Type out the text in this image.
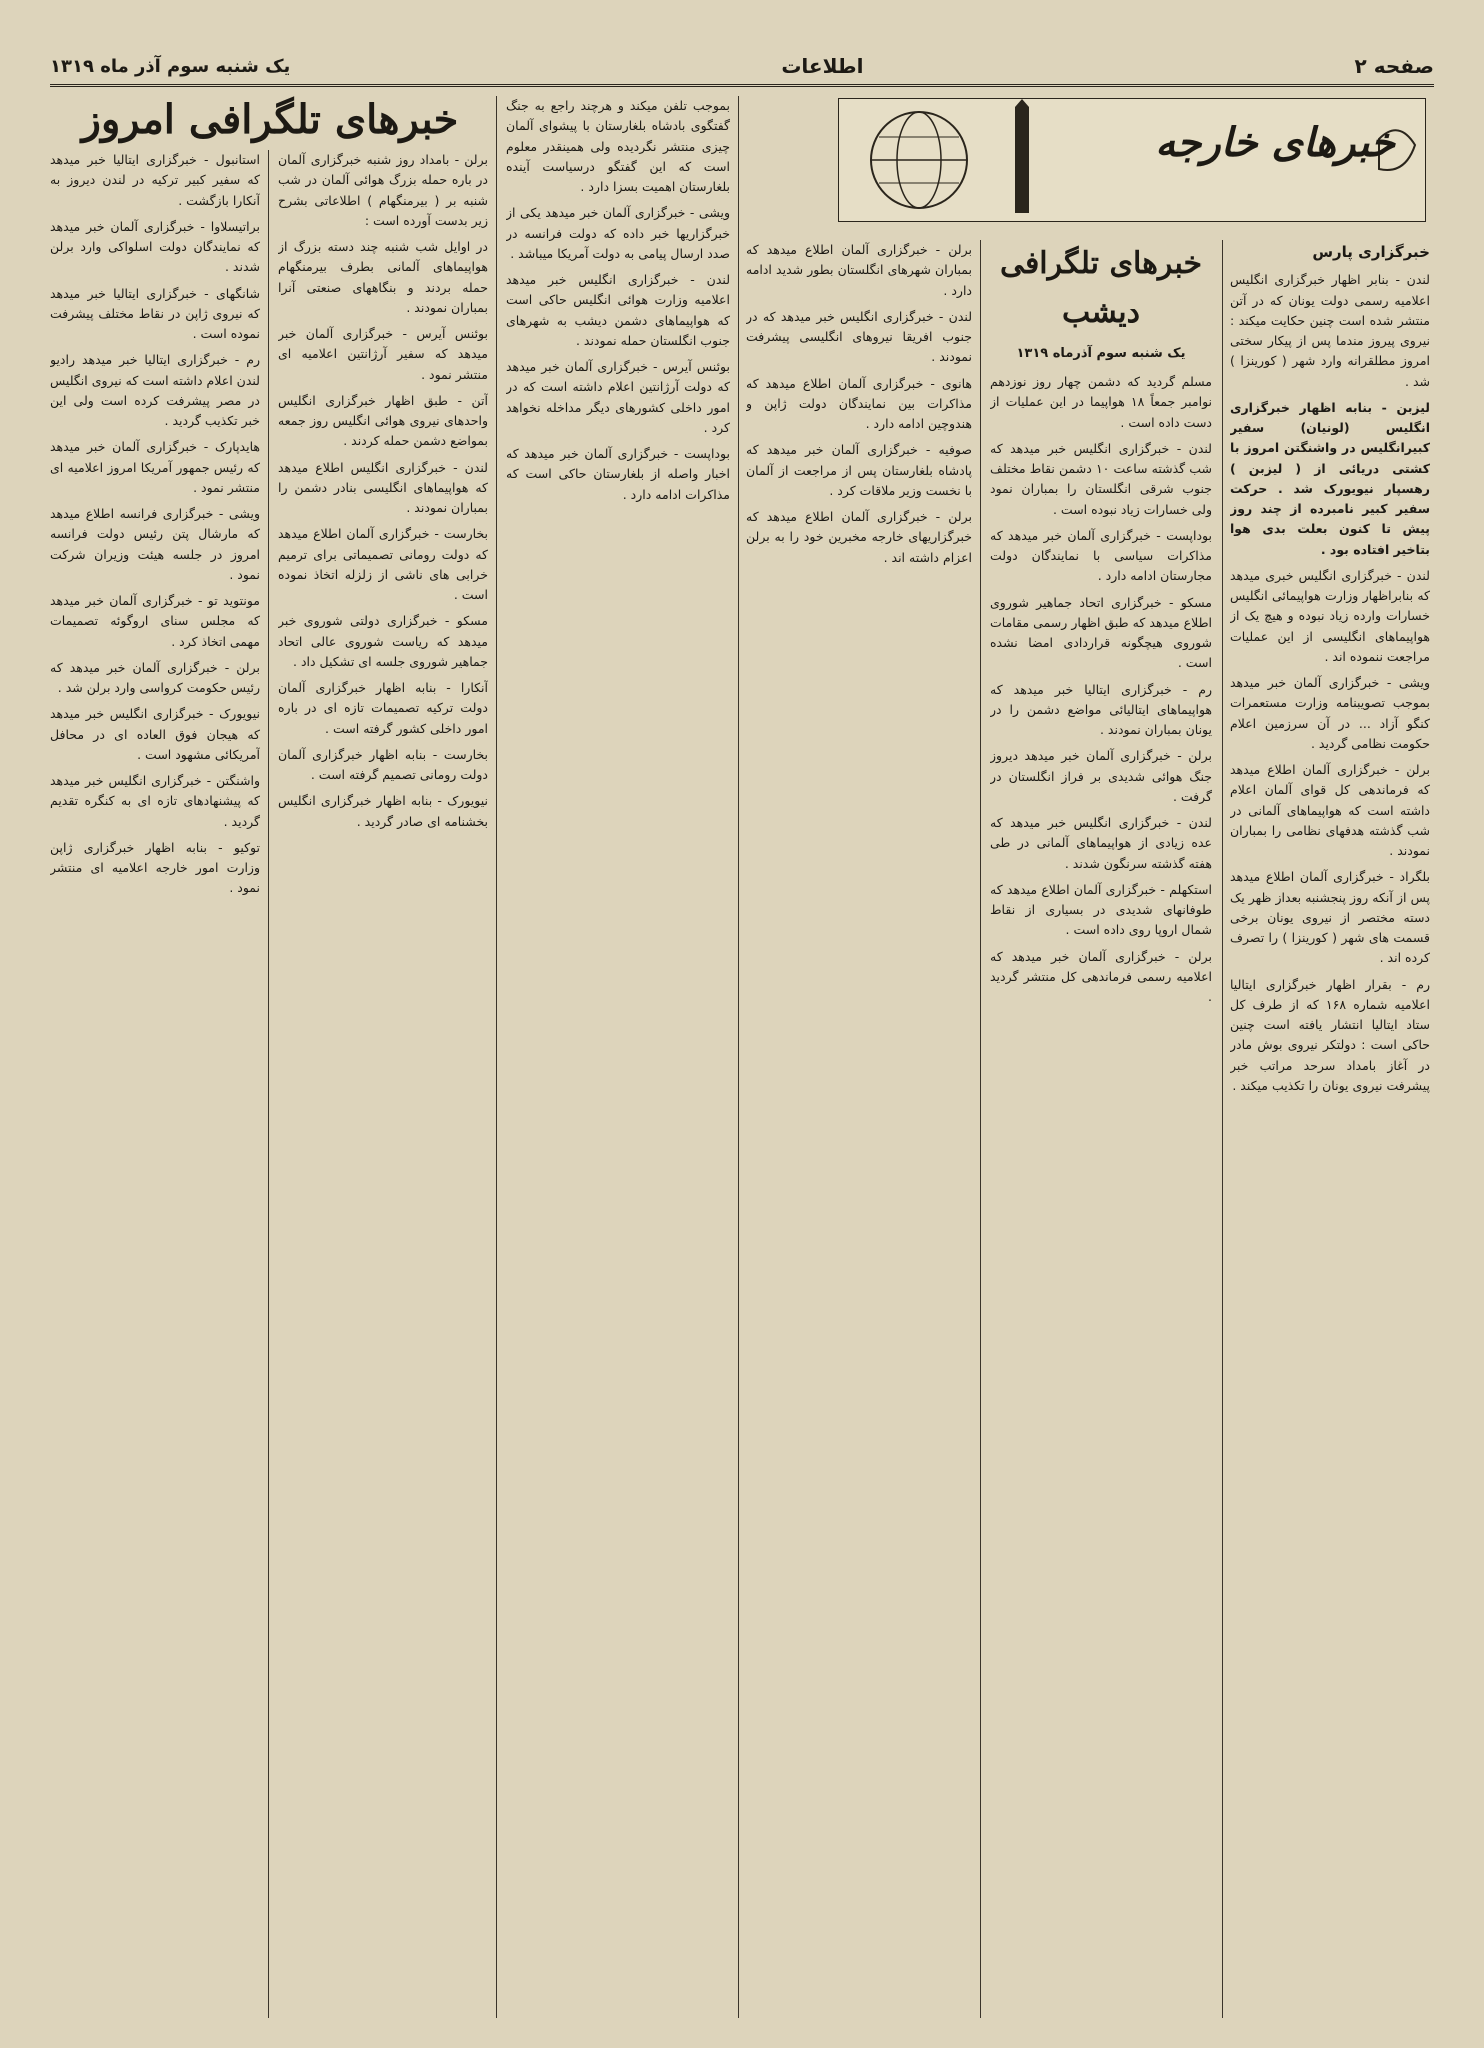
صفحه ۲
اطلاعات
یک شنبه سوم آذر ماه ۱۳۱۹
خبرهای خارجه
خبرگزاری پارس

لندن - بنابر اظهار خبرگزاری انگلیس اعلامیه رسمی دولت یونان که در آتن منتشر شده است چنین حکایت میکند : نیروی پیروز مندما پس از پیکار سختی امروز مطلقرانه وارد شهر ( کورینزا ) شد .

لیزبن - بنابه اظهار خبرگزاری انگلیس (لونیان) سفیر کبیرانگلیس در واشنگتن امروز با کشتی دریائی از ( لیزبن ) رهسپار نیویورک شد . حرکت سفیر کبیر نامبرده از چند روز پیش تا کنون بعلت بدی هوا بتاخیر افتاده بود .

لندن - خبرگزاری انگلیس خبری میدهد که بنابراظهار وزارت هواپیمائی انگلیس خسارات وارده زیاد نبوده و هیچ یک از هواپیماهای انگلیسی از این عملیات مراجعت ننموده اند .

ویشی - خبرگزاری آلمان خبر میدهد بموجب تصویبنامه وزارت مستعمرات کنگو آزاد ... در آن سرزمین اعلام حکومت نظامی گردید .

برلن - خبرگزاری آلمان اطلاع میدهد که فرماندهی کل قوای آلمان اعلام داشته است که هواپیماهای آلمانی در شب گذشته هدفهای نظامی را بمباران نمودند .

بلگراد - خبرگزاری آلمان اطلاع میدهد پس از آنکه روز پنجشنبه بعداز ظهر یک دسته مختصر از نیروی یونان برخی قسمت های شهر ( کورینزا ) را تصرف کرده اند .

رم - بقرار اظهار خبرگزاری ایتالیا اعلامیه شماره ۱۶۸ که از طرف کل ستاد ایتالیا انتشار یافته است چنین حاکی است : دولتکر نیروی بوش مادر در آغاز بامداد سرحد مراتب خبر پیشرفت نیروی یونان را تکذیب میکند .

خبرهای تلگرافی دیشب
یک شنبه سوم آذرماه ۱۳۱۹

مسلم گردید که دشمن چهار روز نوزدهم نوامبر جمعاً ۱۸ هواپیما در این عملیات از دست داده است .

لندن - خبرگزاری انگلیس خبر میدهد که شب گذشته ساعت ۱۰ دشمن نقاط مختلف جنوب شرقی انگلستان را بمباران نمود ولی خسارات زیاد نبوده است .

بوداپست - خبرگزاری آلمان خبر میدهد که مذاکرات سیاسی با نمایندگان دولت مجارستان ادامه دارد .

مسکو - خبرگزاری اتحاد جماهیر شوروی اطلاع میدهد که طبق اظهار رسمی مقامات شوروی هیچگونه قراردادی امضا نشده است .

رم - خبرگزاری ایتالیا خبر میدهد که هواپیماهای ایتالیائی مواضع دشمن را در یونان بمباران نمودند .

برلن - خبرگزاری آلمان خبر میدهد دیروز جنگ هوائی شدیدی بر فراز انگلستان در گرفت .

لندن - خبرگزاری انگلیس خبر میدهد که عده زیادی از هواپیماهای آلمانی در طی هفته گذشته سرنگون شدند .

استکهلم - خبرگزاری آلمان اطلاع میدهد که طوفانهای شدیدی در بسیاری از نقاط شمال اروپا روی داده است .

برلن - خبرگزاری آلمان خبر میدهد که اعلامیه رسمی فرماندهی کل منتشر گردید .

برلن - خبرگزاری آلمان اطلاع میدهد که بمباران شهرهای انگلستان بطور شدید ادامه دارد .

لندن - خبرگزاری انگلیس خبر میدهد که در جنوب افریقا نیروهای انگلیسی پیشرفت نمودند .

هانوی - خبرگزاری آلمان اطلاع میدهد که مذاکرات بین نمایندگان دولت ژاپن و هندوچین ادامه دارد .

صوفیه - خبرگزاری آلمان خبر میدهد که پادشاه بلغارستان پس از مراجعت از آلمان با نخست وزیر ملاقات کرد .

برلن - خبرگزاری آلمان اطلاع میدهد که خبرگزاریهای خارجه مخبرین خود را به برلن اعزام داشته اند .

بموجب تلفن میکند و هرچند راجع به جنگ گفتگوی بادشاه بلغارستان با پیشوای آلمان چیزی منتشر نگردیده ولی همینقدر معلوم است که این گفتگو درسیاست آینده بلغارستان اهمیت بسزا دارد .

ویشی - خبرگزاری آلمان خبر میدهد یکی از خبرگزاریها خبر داده که دولت فرانسه در صدد ارسال پیامی به دولت آمریکا میباشد .

لندن - خبرگزاری انگلیس خبر میدهد اعلامیه وزارت هوائی انگلیس حاکی است که هواپیماهای دشمن دیشب به شهرهای جنوب انگلستان حمله نمودند .

بوئنس آیرس - خبرگزاری آلمان خبر میدهد که دولت آرژانتین اعلام داشته است که در امور داخلی کشورهای دیگر مداخله نخواهد کرد .

بوداپست - خبرگزاری آلمان خبر میدهد که اخبار واصله از بلغارستان حاکی است که مذاکرات ادامه دارد .

برلن - بامداد روز شنبه خبرگزاری آلمان در باره حمله بزرگ هوائی آلمان در شب شنبه بر ( بیرمنگهام ) اطلاعاتی بشرح زیر بدست آورده است :

در اوایل شب شنبه چند دسته بزرگ از هواپیماهای آلمانی بطرف بیرمنگهام حمله بردند و بنگاههای صنعتی آنرا بمباران نمودند .

بوئنس آیرس - خبرگزاری آلمان خبر میدهد که سفیر آرژانتین اعلامیه ای منتشر نمود .

آتن - طبق اظهار خبرگزاری انگلیس واحدهای نیروی هوائی انگلیس روز جمعه بمواضع دشمن حمله کردند .

لندن - خبرگزاری انگلیس اطلاع میدهد که هواپیماهای انگلیسی بنادر دشمن را بمباران نمودند .

بخارست - خبرگزاری آلمان اطلاع میدهد که دولت رومانی تصمیماتی برای ترمیم خرابی های ناشی از زلزله اتخاذ نموده است .

مسکو - خبرگزاری دولتی شوروی خبر میدهد که ریاست شوروی عالی اتحاد جماهیر شوروی جلسه ای تشکیل داد .

آنکارا - بنابه اظهار خبرگزاری آلمان دولت ترکیه تصمیمات تازه ای در باره امور داخلی کشور گرفته است .

بخارست - بنابه اظهار خبرگزاری آلمان دولت رومانی تصمیم گرفته است .

نیویورک - بنابه اظهار خبرگزاری انگلیس بخشنامه ای صادر گردید .

خبرهای تلگرافی امروز

استانبول - خبرگزاری ایتالیا خبر میدهد که سفیر کبیر ترکیه در لندن دیروز به آنکارا بازگشت .

براتیسلاوا - خبرگزاری آلمان خبر میدهد که نمایندگان دولت اسلواکی وارد برلن شدند .

شانگهای - خبرگزاری ایتالیا خبر میدهد که نیروی ژاپن در نقاط مختلف پیشرفت نموده است .

رم - خبرگزاری ایتالیا خبر میدهد رادیو لندن اعلام داشته است که نیروی انگلیس در مصر پیشرفت کرده است ولی این خبر تکذیب گردید .

هایدپارک - خبرگزاری آلمان خبر میدهد که رئیس جمهور آمریکا امروز اعلامیه ای منتشر نمود .

ویشی - خبرگزاری فرانسه اطلاع میدهد که مارشال پتن رئیس دولت فرانسه امروز در جلسه هیئت وزیران شرکت نمود .

مونتوید تو - خبرگزاری آلمان خبر میدهد که مجلس سنای اروگوئه تصمیمات مهمی اتخاذ کرد .

برلن - خبرگزاری آلمان خبر میدهد که رئیس حکومت کرواسی وارد برلن شد .

نیویورک - خبرگزاری انگلیس خبر میدهد که هیجان فوق العاده ای در محافل آمریکائی مشهود است .

واشنگتن - خبرگزاری انگلیس خبر میدهد که پیشنهادهای تازه ای به کنگره تقدیم گردید .

توکیو - بنابه اظهار خبرگزاری ژاپن وزارت امور خارجه اعلامیه ای منتشر نمود .
